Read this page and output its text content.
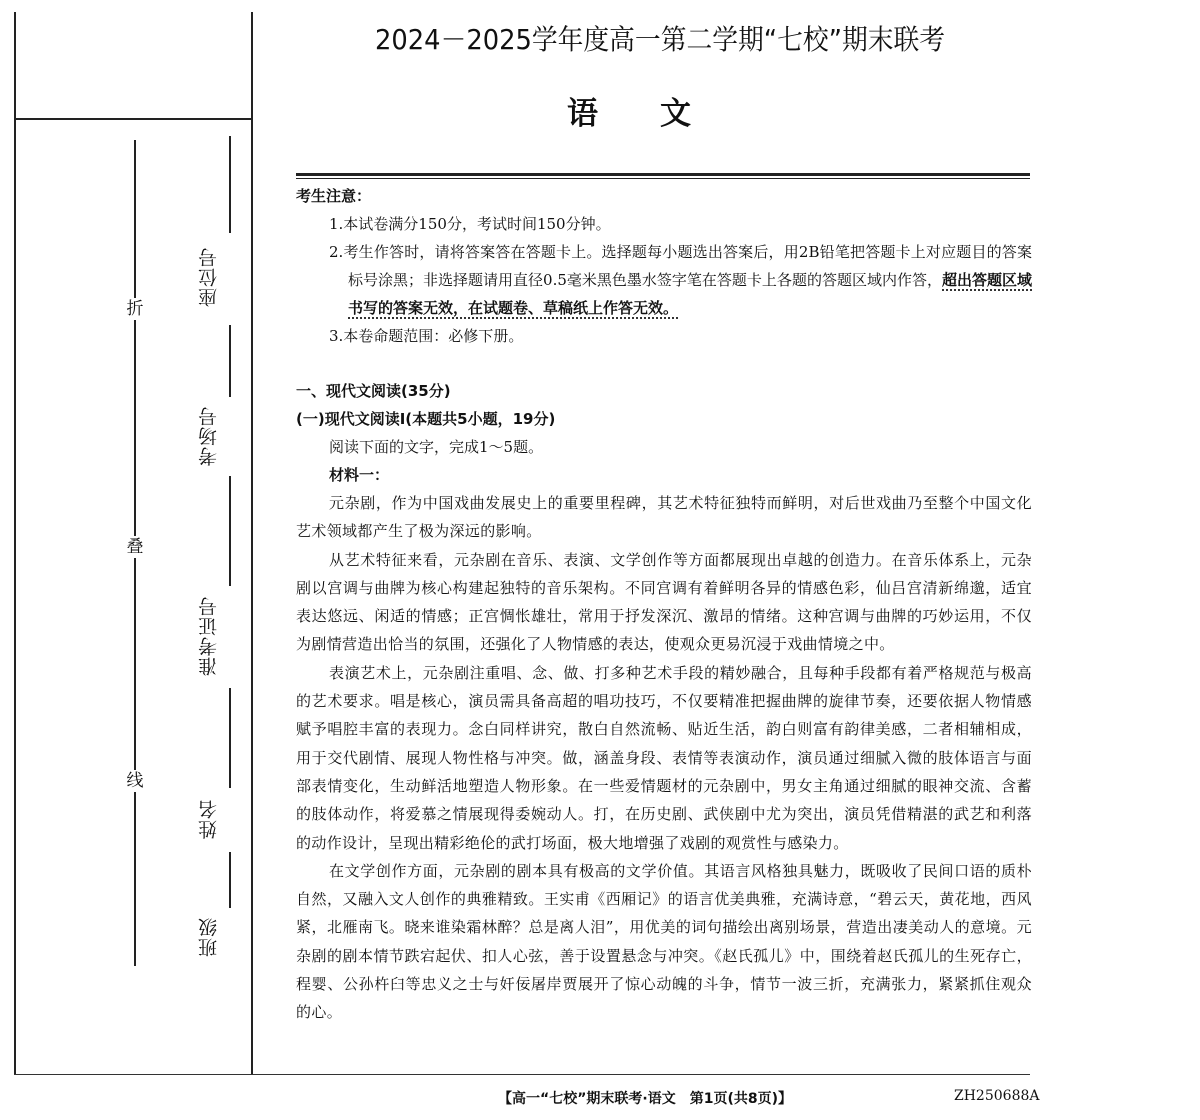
折
叠
线
座位号
考场号
准考证号
姓名
班级
2024－2025学年度高一第二学期“七校”期末联考
语文

考生注意：

1.本试卷满分150分，考试时间150分钟。

2.考生作答时，请将答案答在答题卡上。选择题每小题选出答案后，用2B铅笔把答题卡上对应题目的答案标号涂黑；非选择题请用直径0.5毫米黑色墨水签字笔在答题卡上各题的答题区域内作答，超出答题区域书写的答案无效，在试题卷、草稿纸上作答无效。

3.本卷命题范围：必修下册。

一、现代文阅读(35分)

(一)现代文阅读Ⅰ(本题共5小题，19分)

阅读下面的文字，完成1～5题。

材料一：

元杂剧，作为中国戏曲发展史上的重要里程碑，其艺术特征独特而鲜明，对后世戏曲乃至整个中国文化艺术领域都产生了极为深远的影响。

从艺术特征来看，元杂剧在音乐、表演、文学创作等方面都展现出卓越的创造力。在音乐体系上，元杂剧以宫调与曲牌为核心构建起独特的音乐架构。不同宫调有着鲜明各异的情感色彩，仙吕宫清新绵邈，适宜表达悠远、闲适的情感；正宫惆怅雄壮，常用于抒发深沉、激昂的情绪。这种宫调与曲牌的巧妙运用，不仅为剧情营造出恰当的氛围，还强化了人物情感的表达，使观众更易沉浸于戏曲情境之中。

表演艺术上，元杂剧注重唱、念、做、打多种艺术手段的精妙融合，且每种手段都有着严格规范与极高的艺术要求。唱是核心，演员需具备高超的唱功技巧，不仅要精准把握曲牌的旋律节奏，还要依据人物情感赋予唱腔丰富的表现力。念白同样讲究，散白自然流畅、贴近生活，韵白则富有韵律美感，二者相辅相成，用于交代剧情、展现人物性格与冲突。做，涵盖身段、表情等表演动作，演员通过细腻入微的肢体语言与面部表情变化，生动鲜活地塑造人物形象。在一些爱情题材的元杂剧中，男女主角通过细腻的眼神交流、含蓄的肢体动作，将爱慕之情展现得委婉动人。打，在历史剧、武侠剧中尤为突出，演员凭借精湛的武艺和利落的动作设计，呈现出精彩绝伦的武打场面，极大地增强了戏剧的观赏性与感染力。

在文学创作方面，元杂剧的剧本具有极高的文学价值。其语言风格独具魅力，既吸收了民间口语的质朴自然，又融入文人创作的典雅精致。王实甫《西厢记》的语言优美典雅，充满诗意，“碧云天，黄花地，西风紧，北雁南飞。晓来谁染霜林醉？总是离人泪”，用优美的词句描绘出离别场景，营造出凄美动人的意境。元杂剧的剧本情节跌宕起伏、扣人心弦，善于设置悬念与冲突。《赵氏孤儿》中，围绕着赵氏孤儿的生死存亡，程婴、公孙杵臼等忠义之士与奸佞屠岸贾展开了惊心动魄的斗争，情节一波三折，充满张力，紧紧抓住观众的心。

【高一“七校”期末联考·语文　第1页(共8页)】	ZH250688A
